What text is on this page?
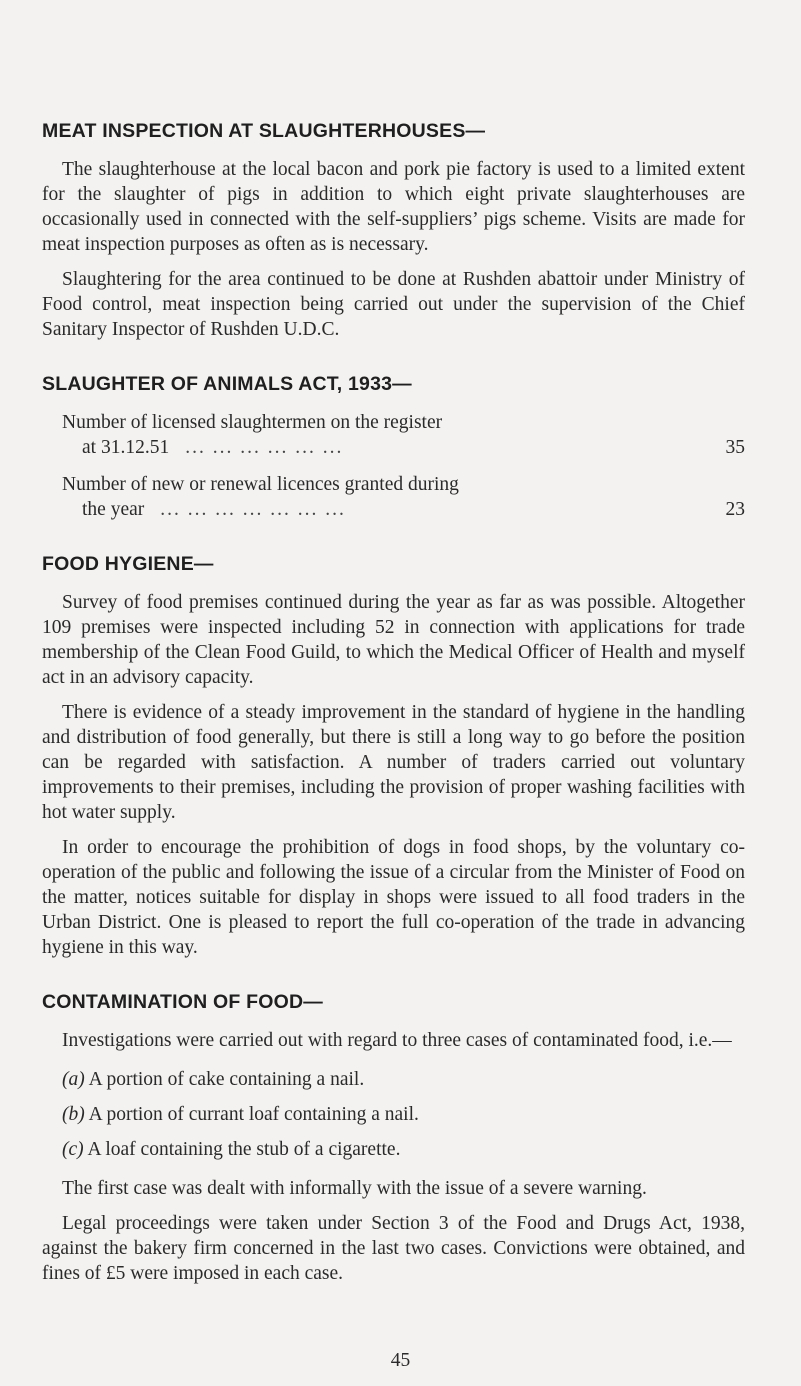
MEAT INSPECTION AT SLAUGHTERHOUSES—

The slaughterhouse at the local bacon and pork pie factory is used to a limited extent for the slaughter of pigs in addition to which eight private slaughterhouses are occasionally used in connected with the self-suppliers’ pigs scheme. Visits are made for meat inspection purposes as often as is necessary.

Slaughtering for the area continued to be done at Rushden abattoir under Ministry of Food control, meat inspection being carried out under the supervision of the Chief Sanitary Inspector of Rushden U.D.C.

SLAUGHTER OF ANIMALS ACT, 1933—
Number of licensed slaughtermen on the register
at 31.12.51 ... ... ... ... ... ...	35
Number of new or renewal licences granted during
the year ... ... ... ... ... ... ...	23
FOOD HYGIENE—

Survey of food premises continued during the year as far as was possible. Altogether 109 premises were inspected including 52 in connection with applications for trade membership of the Clean Food Guild, to which the Medical Officer of Health and myself act in an advisory capacity.

There is evidence of a steady improvement in the standard of hygiene in the handling and distribution of food generally, but there is still a long way to go before the position can be regarded with satisfaction. A number of traders carried out voluntary improvements to their premises, including the provision of proper washing facilities with hot water supply.

In order to encourage the prohibition of dogs in food shops, by the voluntary co-operation of the public and following the issue of a circular from the Minister of Food on the matter, notices suitable for display in shops were issued to all food traders in the Urban District. One is pleased to report the full co-operation of the trade in advancing hygiene in this way.

CONTAMINATION OF FOOD—

Investigations were carried out with regard to three cases of contaminated food, i.e.—

(a) A portion of cake containing a nail.
(b) A portion of currant loaf containing a nail.
(c) A loaf containing the stub of a cigarette.

The first case was dealt with informally with the issue of a severe warning.

Legal proceedings were taken under Section 3 of the Food and Drugs Act, 1938, against the bakery firm concerned in the last two cases. Convictions were obtained, and fines of £5 were imposed in each case.

45
